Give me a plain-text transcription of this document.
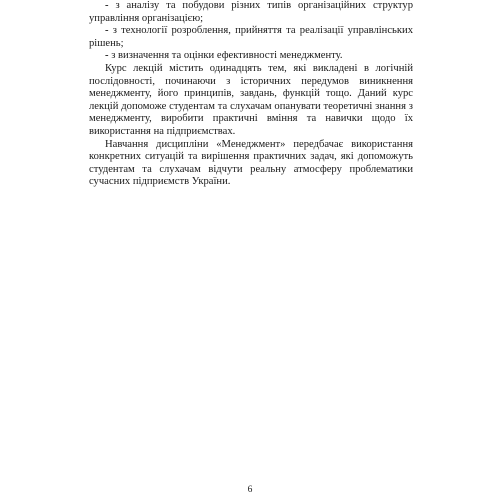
- з аналізу та побудови різних типів організаційних структур управління організацією;

- з технології розроблення, прийняття та реалізації управлінських рішень;

- з визначення та оцінки ефективності менеджменту.

Курс лекцій містить одинадцять тем, які викладені в логічній послідовності, починаючи з історичних передумов виникнення менеджменту, його принципів, завдань, функцій тощо. Даний курс лекцій допоможе студентам та слухачам опанувати теоретичні знання з менеджменту, виробити практичні вміння та навички щодо їх використання на підприємствах.

Навчання дисципліни «Менеджмент» передбачає використання конкретних ситуацій та вирішення практичних задач, які допоможуть студентам та слухачам відчути реальну атмосферу проблематики сучасних підприємств України.

6
